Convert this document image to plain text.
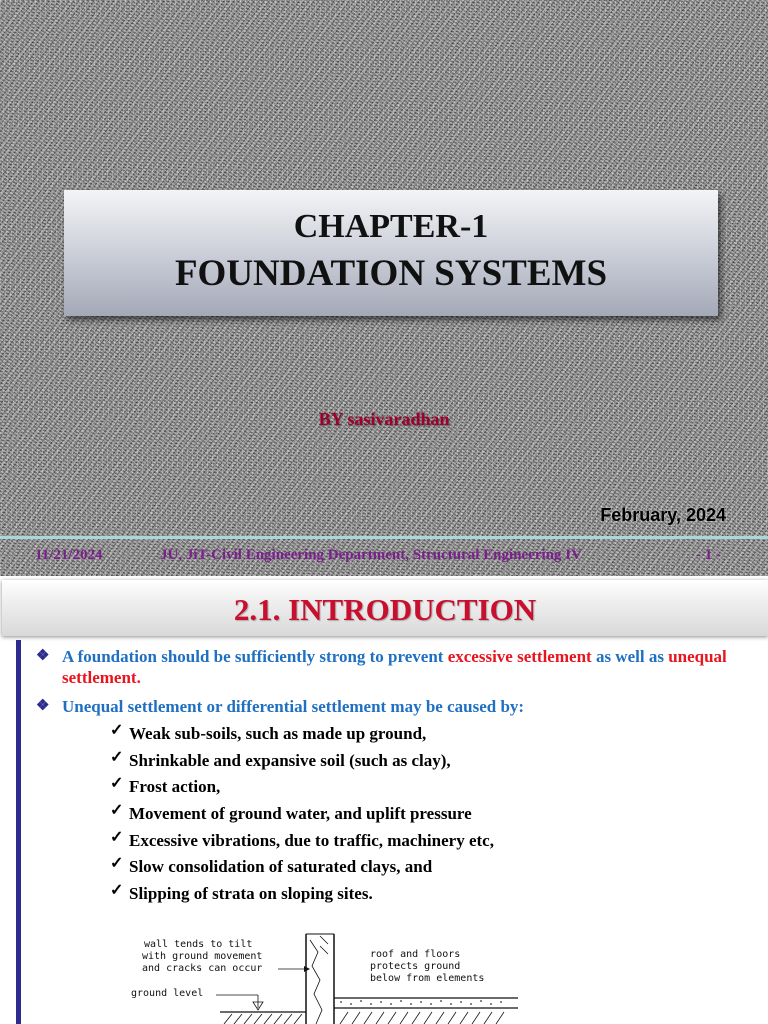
CHAPTER-1
FOUNDATION SYSTEMS
BY sasivaradhan
February, 2024
11/21/2024	JU, JiT-Civil Engineering Department, Structural Engineering IV	- 1 -
2.1. INTRODUCTION
❖ A foundation should be sufficiently strong to prevent excessive settlement as well as unequal settlement.
❖ Unequal settlement or differential settlement may be caused by:
✓ Weak sub-soils, such as made up ground,
✓ Shrinkable and expansive soil (such as clay),
✓ Frost action,
✓ Movement of ground water, and uplift pressure
✓ Excessive vibrations, due to traffic, machinery etc,
✓ Slow consolidation of saturated clays, and
✓ Slipping of strata on sloping sites.
wall tends to tilt
with ground movement
and cracks can occur
ground level
roof and floors
protects ground
below from elements
